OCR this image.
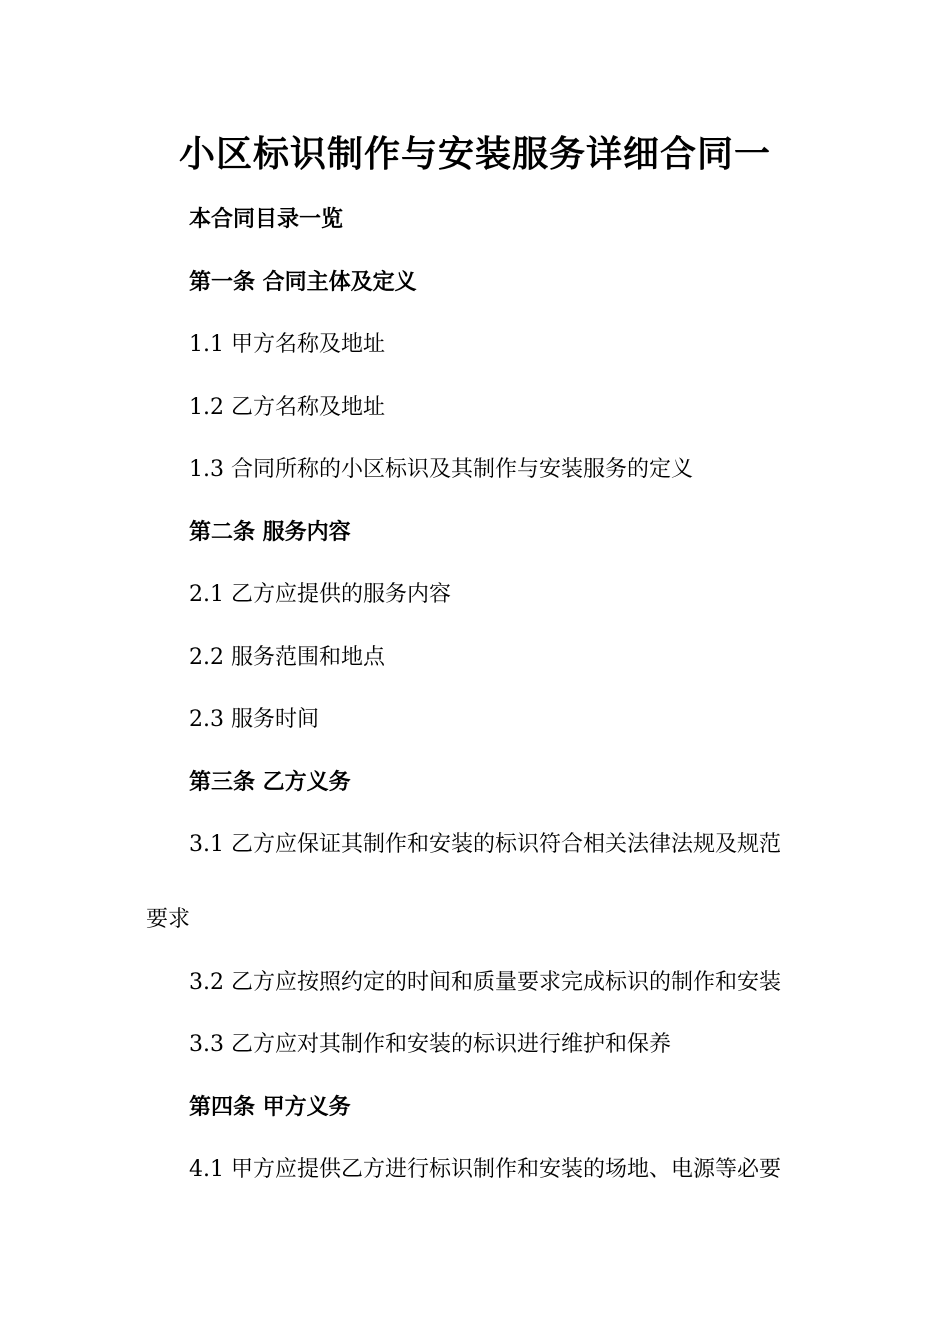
小区标识制作与安装服务详细合同一

本合同目录一览

第一条 合同主体及定义

1.1 甲方名称及地址

1.2 乙方名称及地址

1.3 合同所称的小区标识及其制作与安装服务的定义

第二条 服务内容

2.1 乙方应提供的服务内容

2.2 服务范围和地点

2.3 服务时间

第三条 乙方义务

3.1 乙方应保证其制作和安装的标识符合相关法律法规及规范

要求

3.2 乙方应按照约定的时间和质量要求完成标识的制作和安装

3.3 乙方应对其制作和安装的标识进行维护和保养

第四条 甲方义务

4.1 甲方应提供乙方进行标识制作和安装的场地、电源等必要
